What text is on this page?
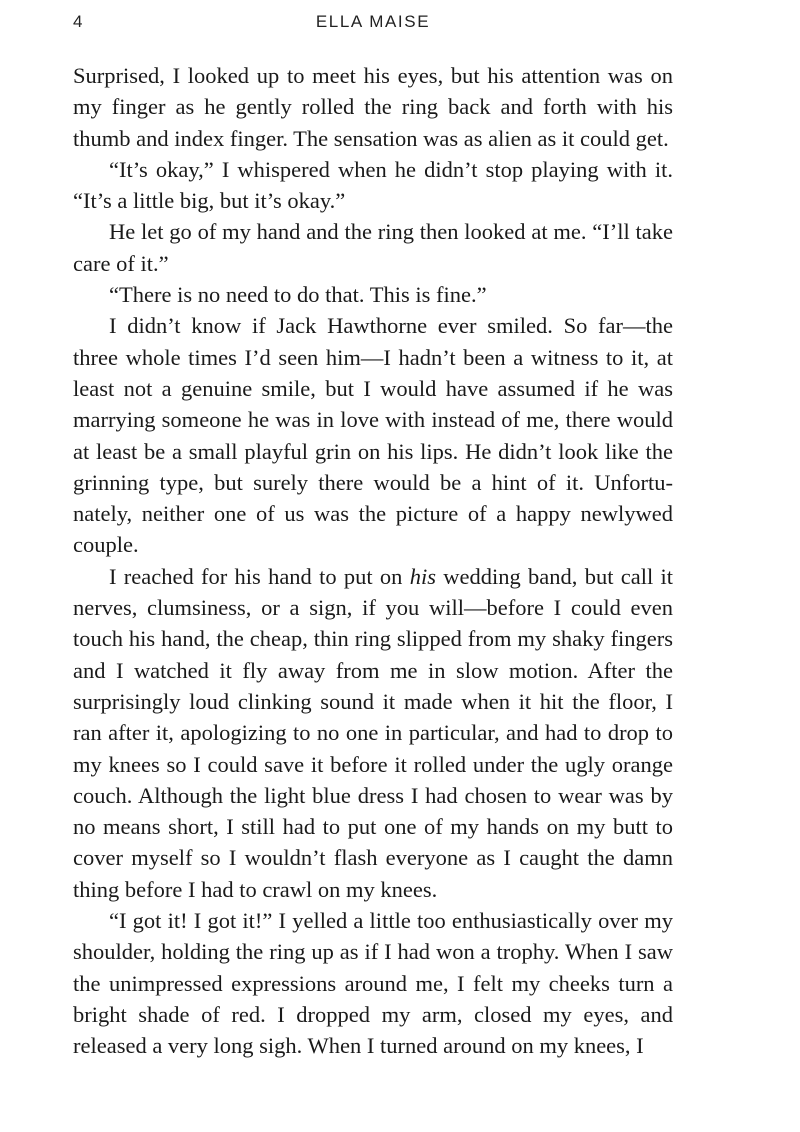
4	ELLA MAISE

Surprised, I looked up to meet his eyes, but his attention was on my finger as he gently rolled the ring back and forth with his thumb and index finger. The sensation was as alien as it could get.

“It’s okay,” I whispered when he didn’t stop playing with it. “It’s a little big, but it’s okay.”

He let go of my hand and the ring then looked at me. “I’ll take care of it.”

“There is no need to do that. This is fine.”

I didn’t know if Jack Hawthorne ever smiled. So far—the three whole times I’d seen him—I hadn’t been a witness to it, at least not a genuine smile, but I would have assumed if he was marrying someone he was in love with instead of me, there would at least be a small playful grin on his lips. He didn’t look like the grinning type, but surely there would be a hint of it. Unfortunately, neither one of us was the picture of a happy newlywed couple.

I reached for his hand to put on his wedding band, but call it nerves, clumsiness, or a sign, if you will—before I could even touch his hand, the cheap, thin ring slipped from my shaky fingers and I watched it fly away from me in slow motion. After the surprisingly loud clinking sound it made when it hit the floor, I ran after it, apologizing to no one in particular, and had to drop to my knees so I could save it before it rolled under the ugly orange couch. Although the light blue dress I had chosen to wear was by no means short, I still had to put one of my hands on my butt to cover myself so I wouldn’t flash everyone as I caught the damn thing before I had to crawl on my knees.

“I got it! I got it!” I yelled a little too enthusiastically over my shoulder, holding the ring up as if I had won a trophy. When I saw the unimpressed expressions around me, I felt my cheeks turn a bright shade of red. I dropped my arm, closed my eyes, and released a very long sigh. When I turned around on my knees, I
